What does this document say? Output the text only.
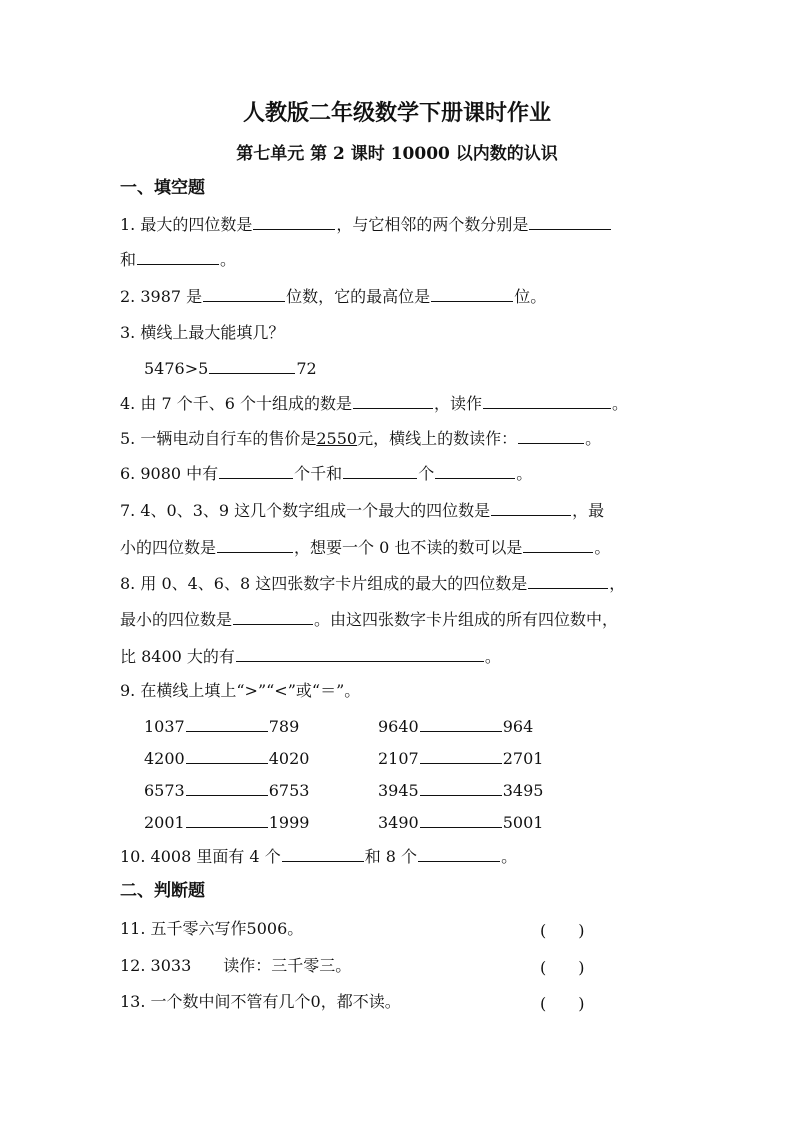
人教版二年级数学下册课时作业
第七单元 第 2 课时 10000 以内数的认识
一、填空题
1. 最大的四位数是	，与它相邻的两个数分别是
和	。
2. 3987 是	位数，它的最高位是	位。
3. 横线上最大能填几？
5476>5	72
4. 由 7 个千、6 个十组成的数是	，读作	。
5. 一辆电动自行车的售价是2550元，横线上的数读作：	。
6. 9080 中有	个千和	个	。
7. 4、0、3、9 这几个数字组成一个最大的四位数是	，最
小的四位数是	，想要一个 0 也不读的数可以是	。
8. 用 0、4、6、8 这四张数字卡片组成的最大的四位数是	，
最小的四位数是	。由这四张数字卡片组成的所有四位数中，
比 8400 大的有	。
9. 在横线上填上“>”“<”或“＝”。
1037	789	9640	964
4200	4020	2107	2701
6573	6753	3945	3495
2001	1999	3490	5001
10. 4008 里面有 4 个	和 8 个	。
二、判断题
11. 五千零六写作5006。	(　　)
12. 3033　　读作：三千零三。	(　　)
13. 一个数中间不管有几个0，都不读。	(　　)
